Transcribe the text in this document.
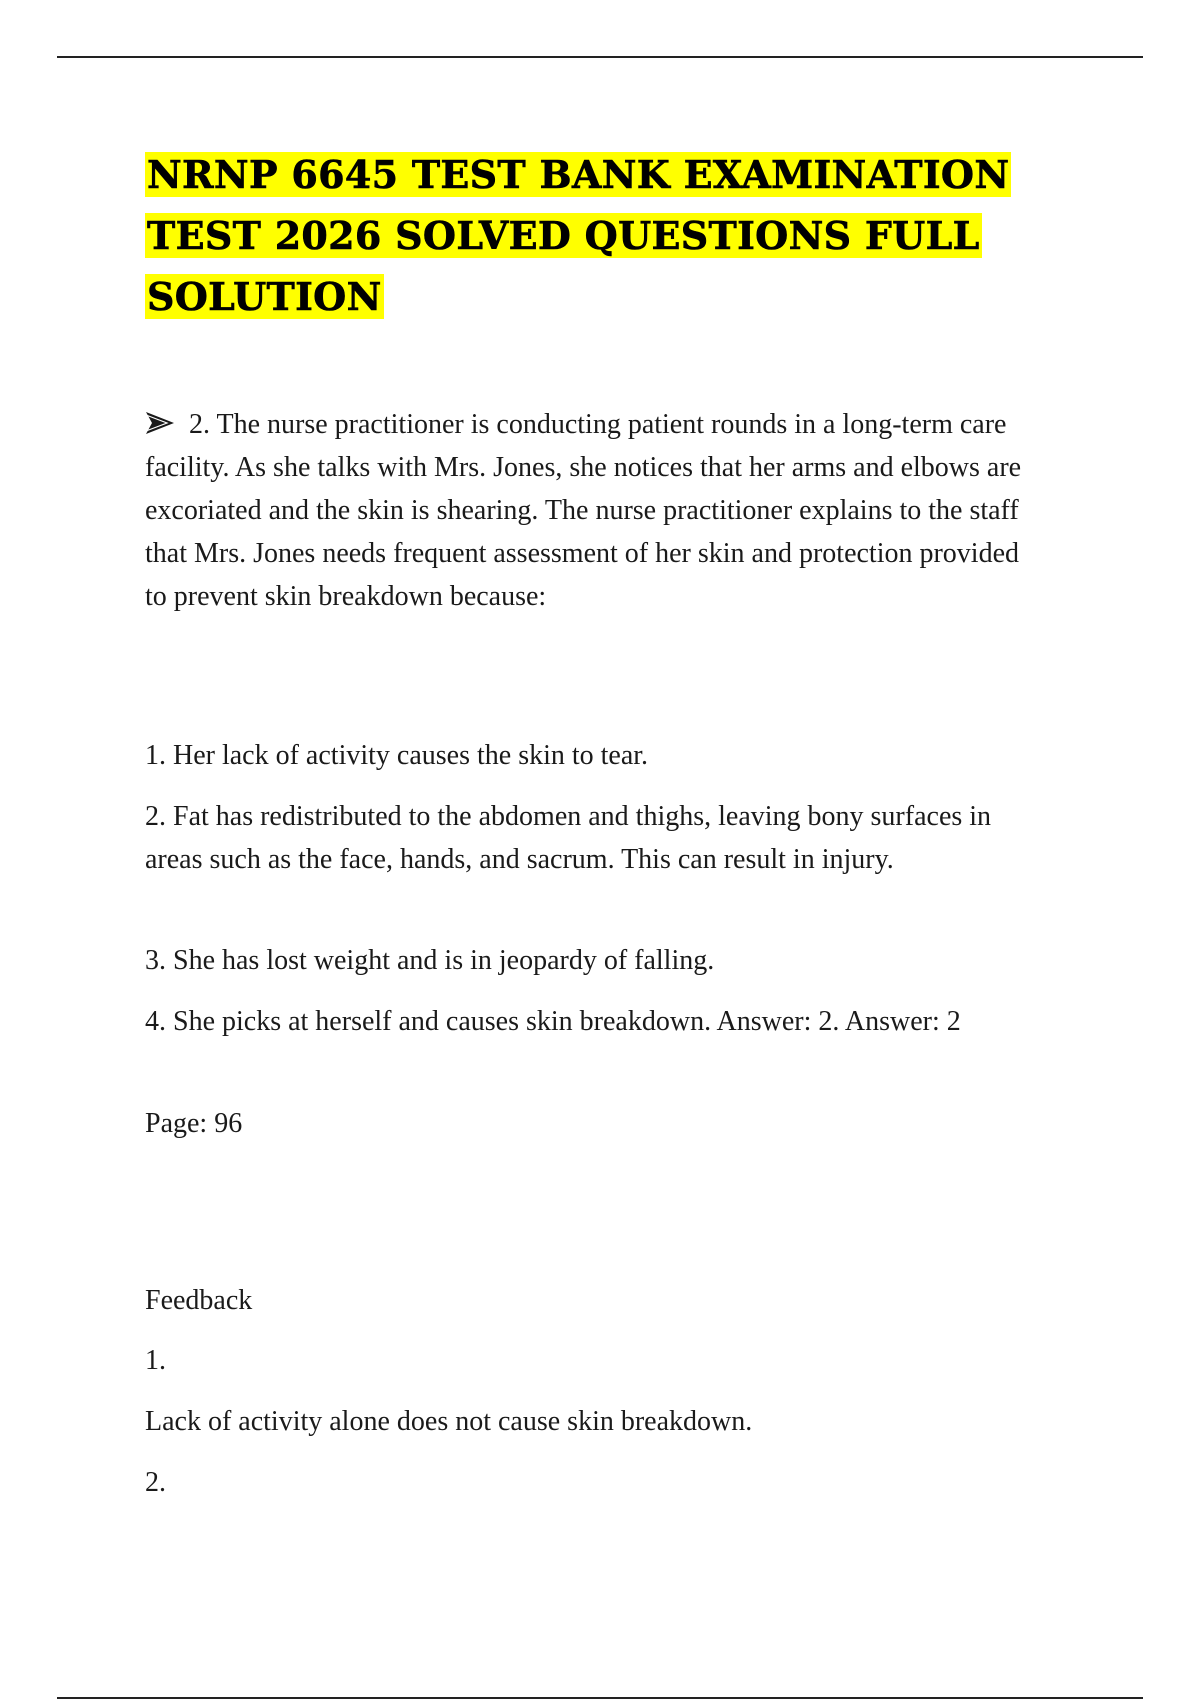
NRNP 6645 TEST BANK EXAMINATION TEST 2026 SOLVED QUESTIONS FULL SOLUTION

2. The nurse practitioner is conducting patient rounds in a long-term care facility. As she talks with Mrs. Jones, she notices that her arms and elbows are excoriated and the skin is shearing. The nurse practitioner explains to the staff that Mrs. Jones needs frequent assessment of her skin and protection provided to prevent skin breakdown because:

1. Her lack of activity causes the skin to tear.

2. Fat has redistributed to the abdomen and thighs, leaving bony surfaces in areas such as the face, hands, and sacrum. This can result in injury.

3. She has lost weight and is in jeopardy of falling.

4. She picks at herself and causes skin breakdown. Answer: 2. Answer: 2

Page: 96

Feedback

1.

Lack of activity alone does not cause skin breakdown.

2.
